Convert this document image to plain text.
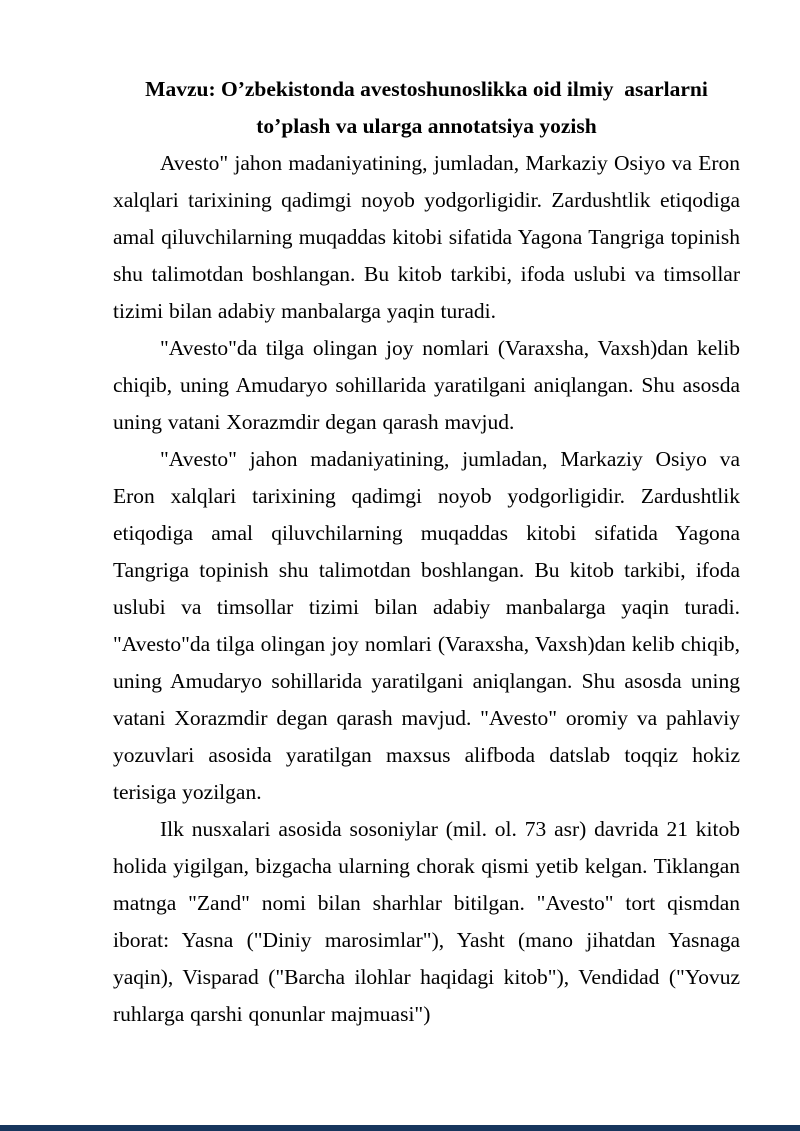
Mavzu: O’zbekistonda avestoshunoslikka oid ilmiy  asarlarni
to’plash va ularga annotatsiya yozish

Avesto" jahon madaniyatining, jumladan, Markaziy Osiyo va Eron xalqlari tarixining qadimgi noyob yodgorligidir. Zardushtlik etiqodiga amal qiluvchilarning muqaddas kitobi sifatida Yagona Tangriga topinish shu talimotdan boshlangan. Bu kitob tarkibi, ifoda uslubi va timsollar tizimi bilan adabiy manbalarga yaqin turadi.

"Avesto"da tilga olingan joy nomlari (Varaxsha, Vaxsh)dan kelib chiqib, uning Amudaryo sohillarida yaratilgani aniqlangan. Shu asosda uning vatani Xorazmdir degan qarash mavjud.

"Avesto" jahon madaniyatining, jumladan, Markaziy Osiyo va Eron xalqlari tarixining qadimgi noyob yodgorligidir. Zardushtlik etiqodiga amal qiluvchilarning muqaddas kitobi sifatida Yagona Tangriga topinish shu talimotdan boshlangan. Bu kitob tarkibi, ifoda uslubi va timsollar tizimi bilan adabiy manbalarga yaqin turadi. "Avesto"da tilga olingan joy nomlari (Varaxsha, Vaxsh)dan kelib chiqib, uning Amudaryo sohillarida yaratilgani aniqlangan. Shu asosda uning vatani Xorazmdir degan qarash mavjud. "Avesto" oromiy va pahlaviy yozuvlari asosida yaratilgan maxsus alifboda datslab toqqiz hokiz terisiga yozilgan.

Ilk nusxalari asosida sosoniylar (mil. ol. 73 asr) davrida 21 kitob holida yigilgan, bizgacha ularning chorak qismi yetib kelgan. Tiklangan matnga "Zand" nomi bilan sharhlar bitilgan. "Avesto" tort qismdan iborat: Yasna ("Diniy marosimlar"), Yasht (mano jihatdan Yasnaga yaqin), Visparad ("Barcha ilohlar haqidagi kitob"), Vendidad ("Yovuz ruhlarga qarshi qonunlar majmuasi")
